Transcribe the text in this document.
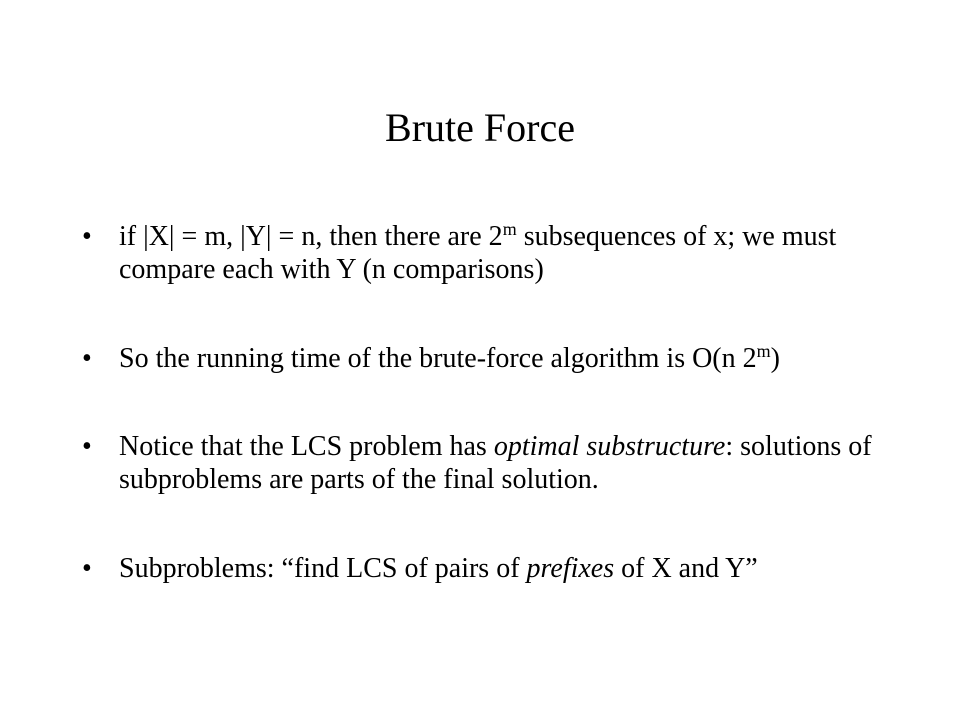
Brute Force
• if |X| = m, |Y| = n, then there are 2$^m$ subsequences of x; we must compare each with Y (n comparisons)
• So the running time of the brute-force algorithm is O(n 2$^m$)
• Notice that the LCS problem has optimal substructure: solutions of subproblems are parts of the final solution.
• Subproblems: “find LCS of pairs of prefixes of X and Y”
